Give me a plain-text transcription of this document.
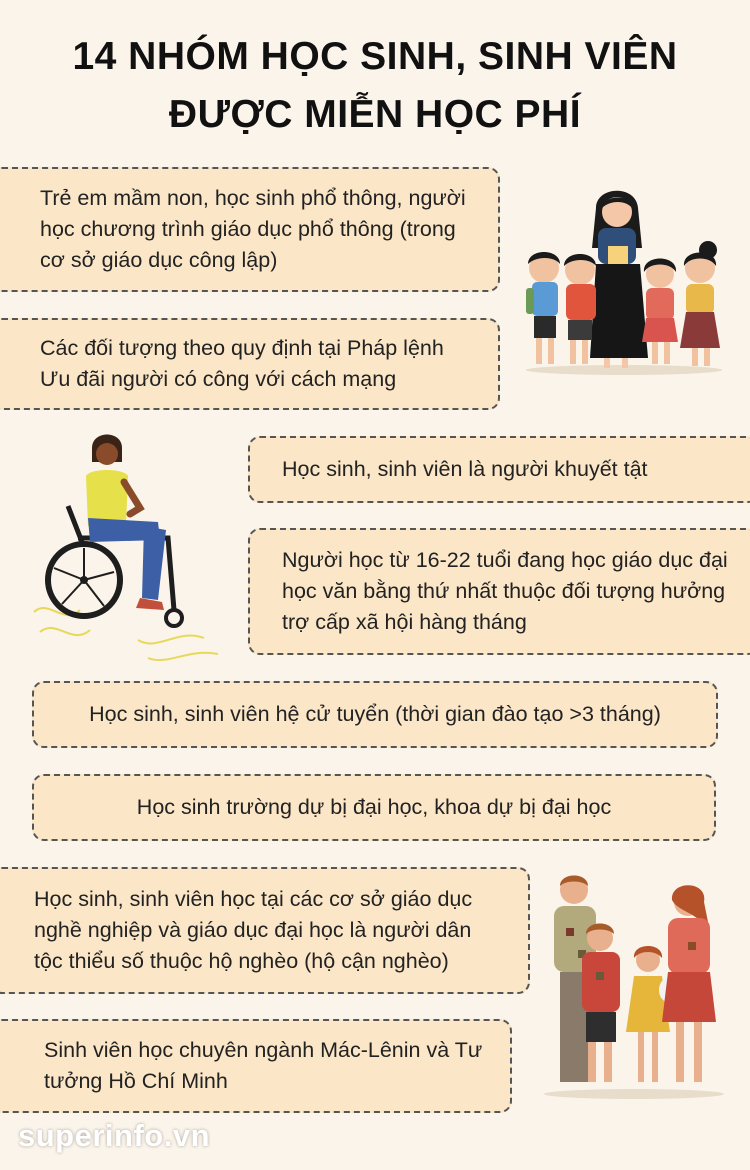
14 NHÓM HỌC SINH, SINH VIÊN
ĐƯỢC MIỄN HỌC PHÍ
Trẻ em mầm non, học sinh phổ thông, người học chương trình giáo dục phổ thông (trong cơ sở giáo dục công lập)
Các đối tượng theo quy định tại Pháp lệnh Ưu đãi người có công với cách mạng
Học sinh, sinh viên là người khuyết tật
Người học từ 16-22 tuổi đang học giáo dục đại học văn bằng thứ nhất thuộc đối tượng hưởng trợ cấp xã hội hàng tháng
Học sinh, sinh viên hệ cử tuyển (thời gian đào tạo >3 tháng)
Học sinh trường dự bị đại học, khoa dự bị đại học
Học sinh, sinh viên học tại các cơ sở giáo dục nghề nghiệp và giáo dục đại học là người dân tộc thiểu số thuộc hộ nghèo (hộ cận nghèo)
Sinh viên học chuyên ngành Mác-Lênin và Tư tưởng Hồ Chí Minh
superinfo.vn
